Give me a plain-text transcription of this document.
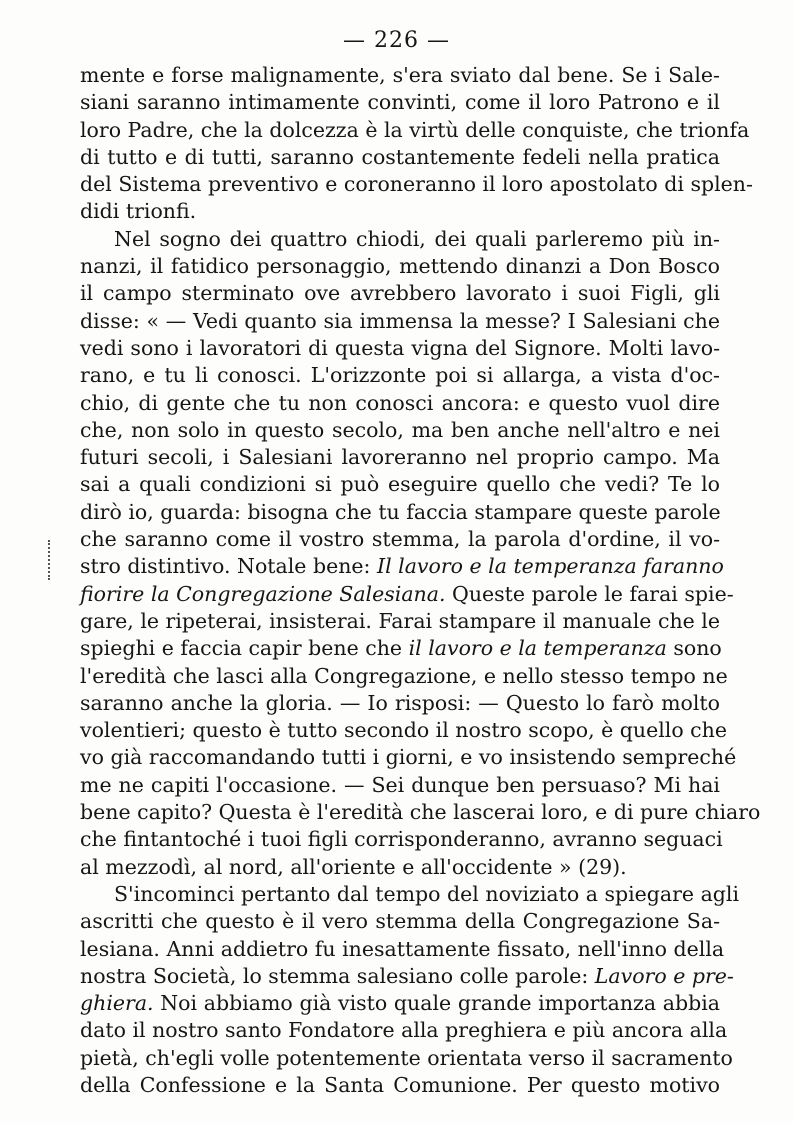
— 226 —
mente e forse malignamente, s'era sviato dal bene. Se i Sale-
siani saranno intimamente convinti, come il loro Patrono e il
loro Padre, che la dolcezza è la virtù delle conquiste, che trionfa
di tutto e di tutti, saranno costantemente fedeli nella pratica
del Sistema preventivo e coroneranno il loro apostolato di splen-
didi trionfi.
Nel sogno dei quattro chiodi, dei quali parleremo più in-
nanzi, il fatidico personaggio, mettendo dinanzi a Don Bosco
il campo sterminato ove avrebbero lavorato i suoi Figli, gli
disse: « — Vedi quanto sia immensa la messe? I Salesiani che
vedi sono i lavoratori di questa vigna del Signore. Molti lavo-
rano, e tu li conosci. L'orizzonte poi si allarga, a vista d'oc-
chio, di gente che tu non conosci ancora: e questo vuol dire
che, non solo in questo secolo, ma ben anche nell'altro e nei
futuri secoli, i Salesiani lavoreranno nel proprio campo. Ma
sai a quali condizioni si può eseguire quello che vedi? Te lo
dirò io, guarda: bisogna che tu faccia stampare queste parole
che saranno come il vostro stemma, la parola d'ordine, il vo-
stro distintivo. Notale bene: Il lavoro e la temperanza faranno
fiorire la Congregazione Salesiana. Queste parole le farai spie-
gare, le ripeterai, insisterai. Farai stampare il manuale che le
spieghi e faccia capir bene che il lavoro e la temperanza sono
l'eredità che lasci alla Congregazione, e nello stesso tempo ne
saranno anche la gloria. — Io risposi: — Questo lo farò molto
volentieri; questo è tutto secondo il nostro scopo, è quello che
vo già raccomandando tutti i giorni, e vo insistendo sempreché
me ne capiti l'occasione. — Sei dunque ben persuaso? Mi hai
bene capito? Questa è l'eredità che lascerai loro, e di pure chiaro
che fintantoché i tuoi figli corrisponderanno, avranno seguaci
al mezzodì, al nord, all'oriente e all'occidente » (29).
S'incominci pertanto dal tempo del noviziato a spiegare agli
ascritti che questo è il vero stemma della Congregazione Sa-
lesiana. Anni addietro fu inesattamente fissato, nell'inno della
nostra Società, lo stemma salesiano colle parole: Lavoro e pre-
ghiera. Noi abbiamo già visto quale grande importanza abbia
dato il nostro santo Fondatore alla preghiera e più ancora alla
pietà, ch'egli volle potentemente orientata verso il sacramento
della Confessione e la Santa Comunione. Per questo motivo
